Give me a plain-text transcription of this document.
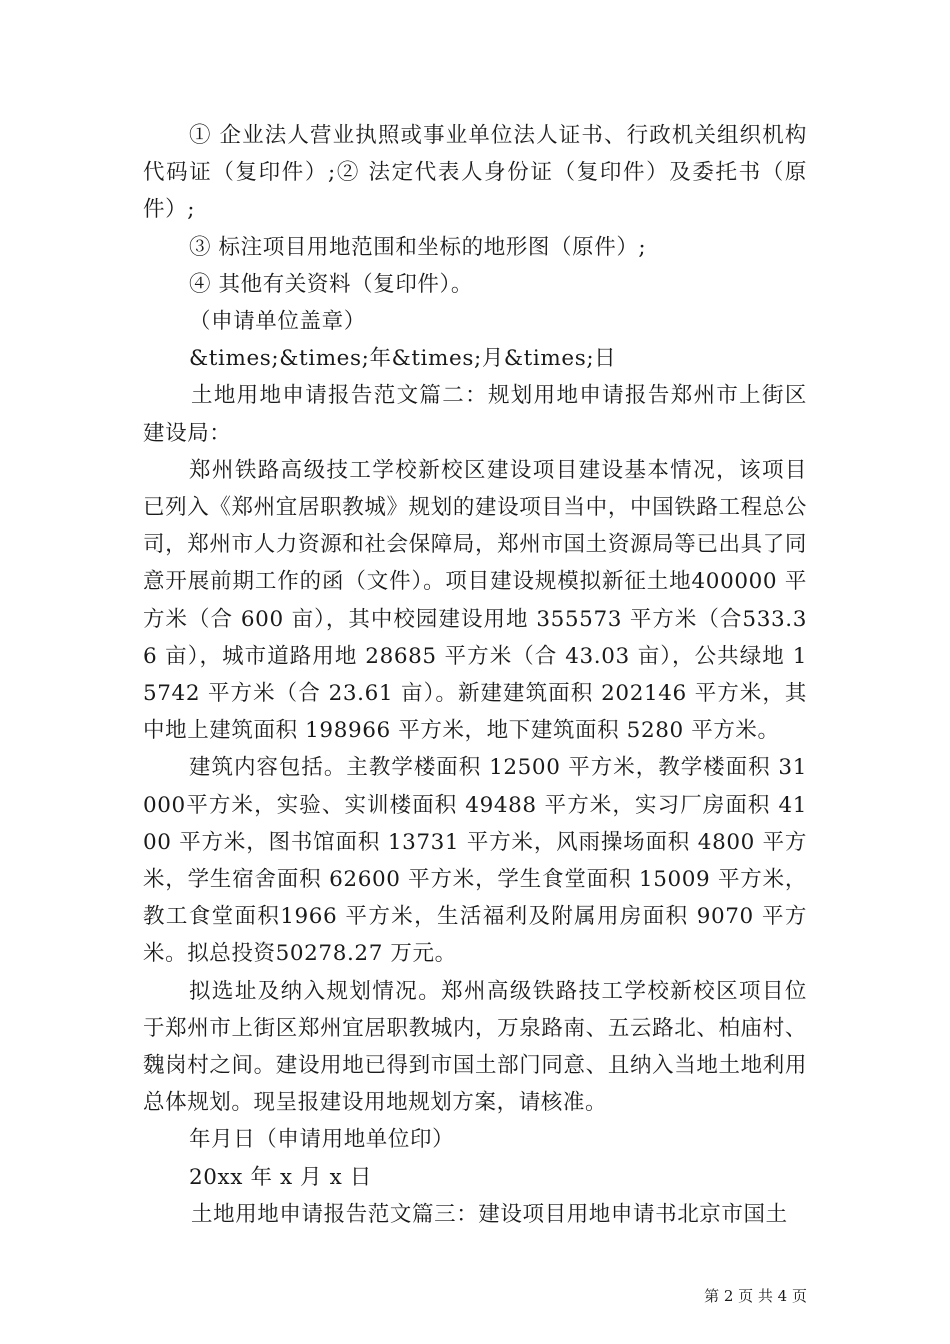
① 企业法人营业执照或事业单位法人证书、行政机关组织机构代码证（复印件）;② 法定代表人身份证（复印件）及委托书（原件）;

③ 标注项目用地范围和坐标的地形图（原件）;

④ 其他有关资料（复印件）。

（申请单位盖章）

&times;&times;年&times;月&times;日

土地用地申请报告范文篇二：规划用地申请报告郑州市上街区建设局：

郑州铁路高级技工学校新校区建设项目建设基本情况，该项目已列入《郑州宜居职教城》规划的建设项目当中，中国铁路工程总公司，郑州市人力资源和社会保障局，郑州市国土资源局等已出具了同意开展前期工作的函（文件）。项目建设规模拟新征土地400000 平方米（合 600 亩），其中校园建设用地 355573 平方米（合533.36 亩），城市道路用地 28685 平方米（合 43.03 亩），公共绿地 15742 平方米（合 23.61 亩）。新建建筑面积 202146 平方米，其中地上建筑面积 198966 平方米，地下建筑面积 5280 平方米。

建筑内容包括。主教学楼面积 12500 平方米，教学楼面积 31000平方米，实验、实训楼面积 49488 平方米，实习厂房面积 4100 平方米，图书馆面积 13731 平方米，风雨操场面积 4800 平方米，学生宿舍面积 62600 平方米，学生食堂面积 15009 平方米，教工食堂面积1966 平方米，生活福利及附属用房面积 9070 平方米。拟总投资50278.27 万元。

拟选址及纳入规划情况。郑州高级铁路技工学校新校区项目位于郑州市上街区郑州宜居职教城内，万泉路南、五云路北、柏庙村、魏岗村之间。建设用地已得到市国土部门同意、且纳入当地土地利用总体规划。现呈报建设用地规划方案，请核准。

年月日（申请用地单位印）

20xx 年 x 月 x 日

土地用地申请报告范文篇三：建设项目用地申请书北京市国土

第 2 页 共 4 页
